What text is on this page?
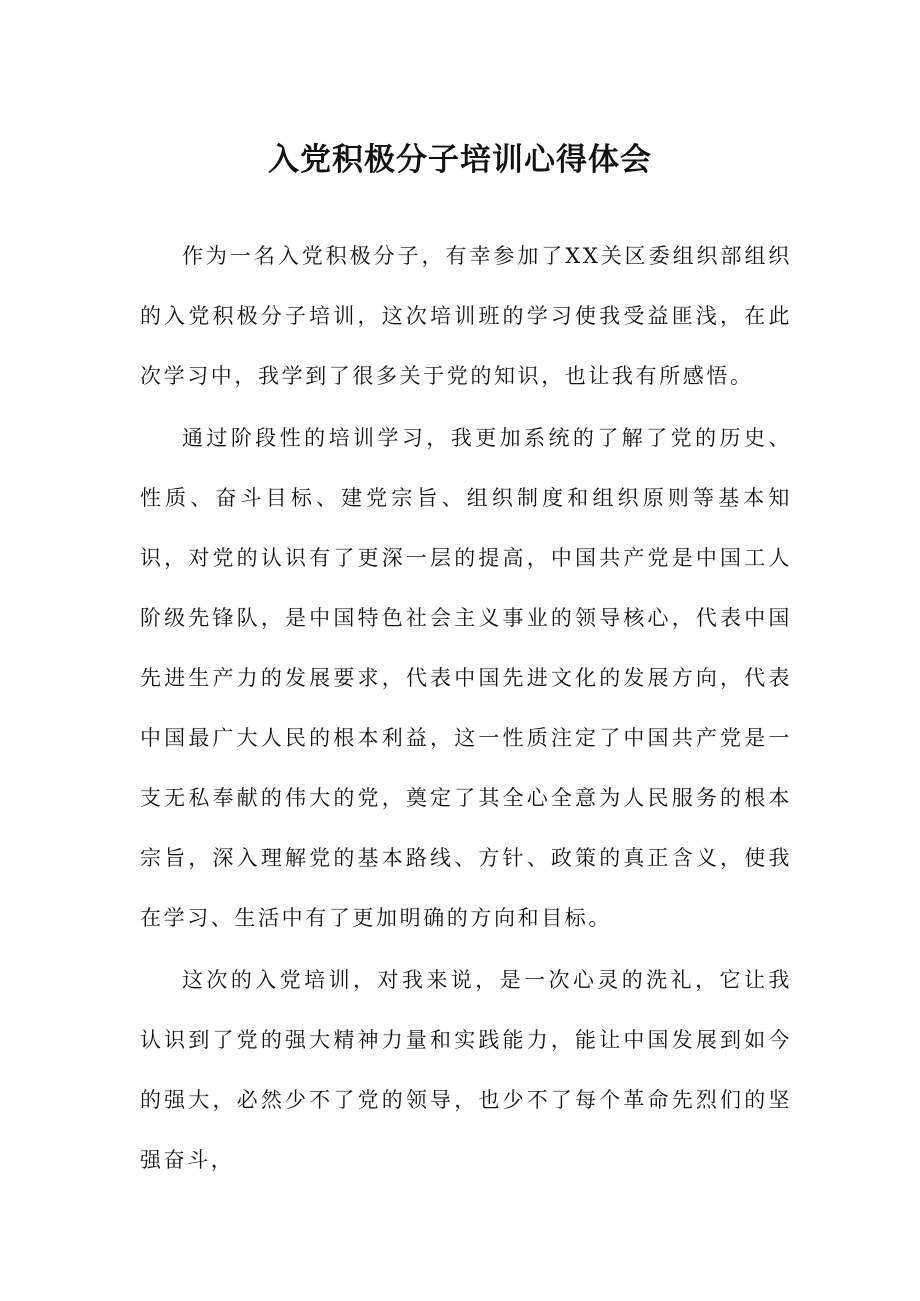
入党积极分子培训心得体会

作为一名入党积极分子，有幸参加了XX关区委组织部组织的入党积极分子培训，这次培训班的学习使我受益匪浅，在此次学习中，我学到了很多关于党的知识，也让我有所感悟。

通过阶段性的培训学习，我更加系统的了解了党的历史、性质、奋斗目标、建党宗旨、组织制度和组织原则等基本知识，对党的认识有了更深一层的提高，中国共产党是中国工人阶级先锋队，是中国特色社会主义事业的领导核心，代表中国先进生产力的发展要求，代表中国先进文化的发展方向，代表中国最广大人民的根本利益，这一性质注定了中国共产党是一支无私奉献的伟大的党，奠定了其全心全意为人民服务的根本宗旨，深入理解党的基本路线、方针、政策的真正含义，使我在学习、生活中有了更加明确的方向和目标。

这次的入党培训，对我来说，是一次心灵的洗礼，它让我认识到了党的强大精神力量和实践能力，能让中国发展到如今的强大，必然少不了党的领导，也少不了每个革命先烈们的坚强奋斗，
